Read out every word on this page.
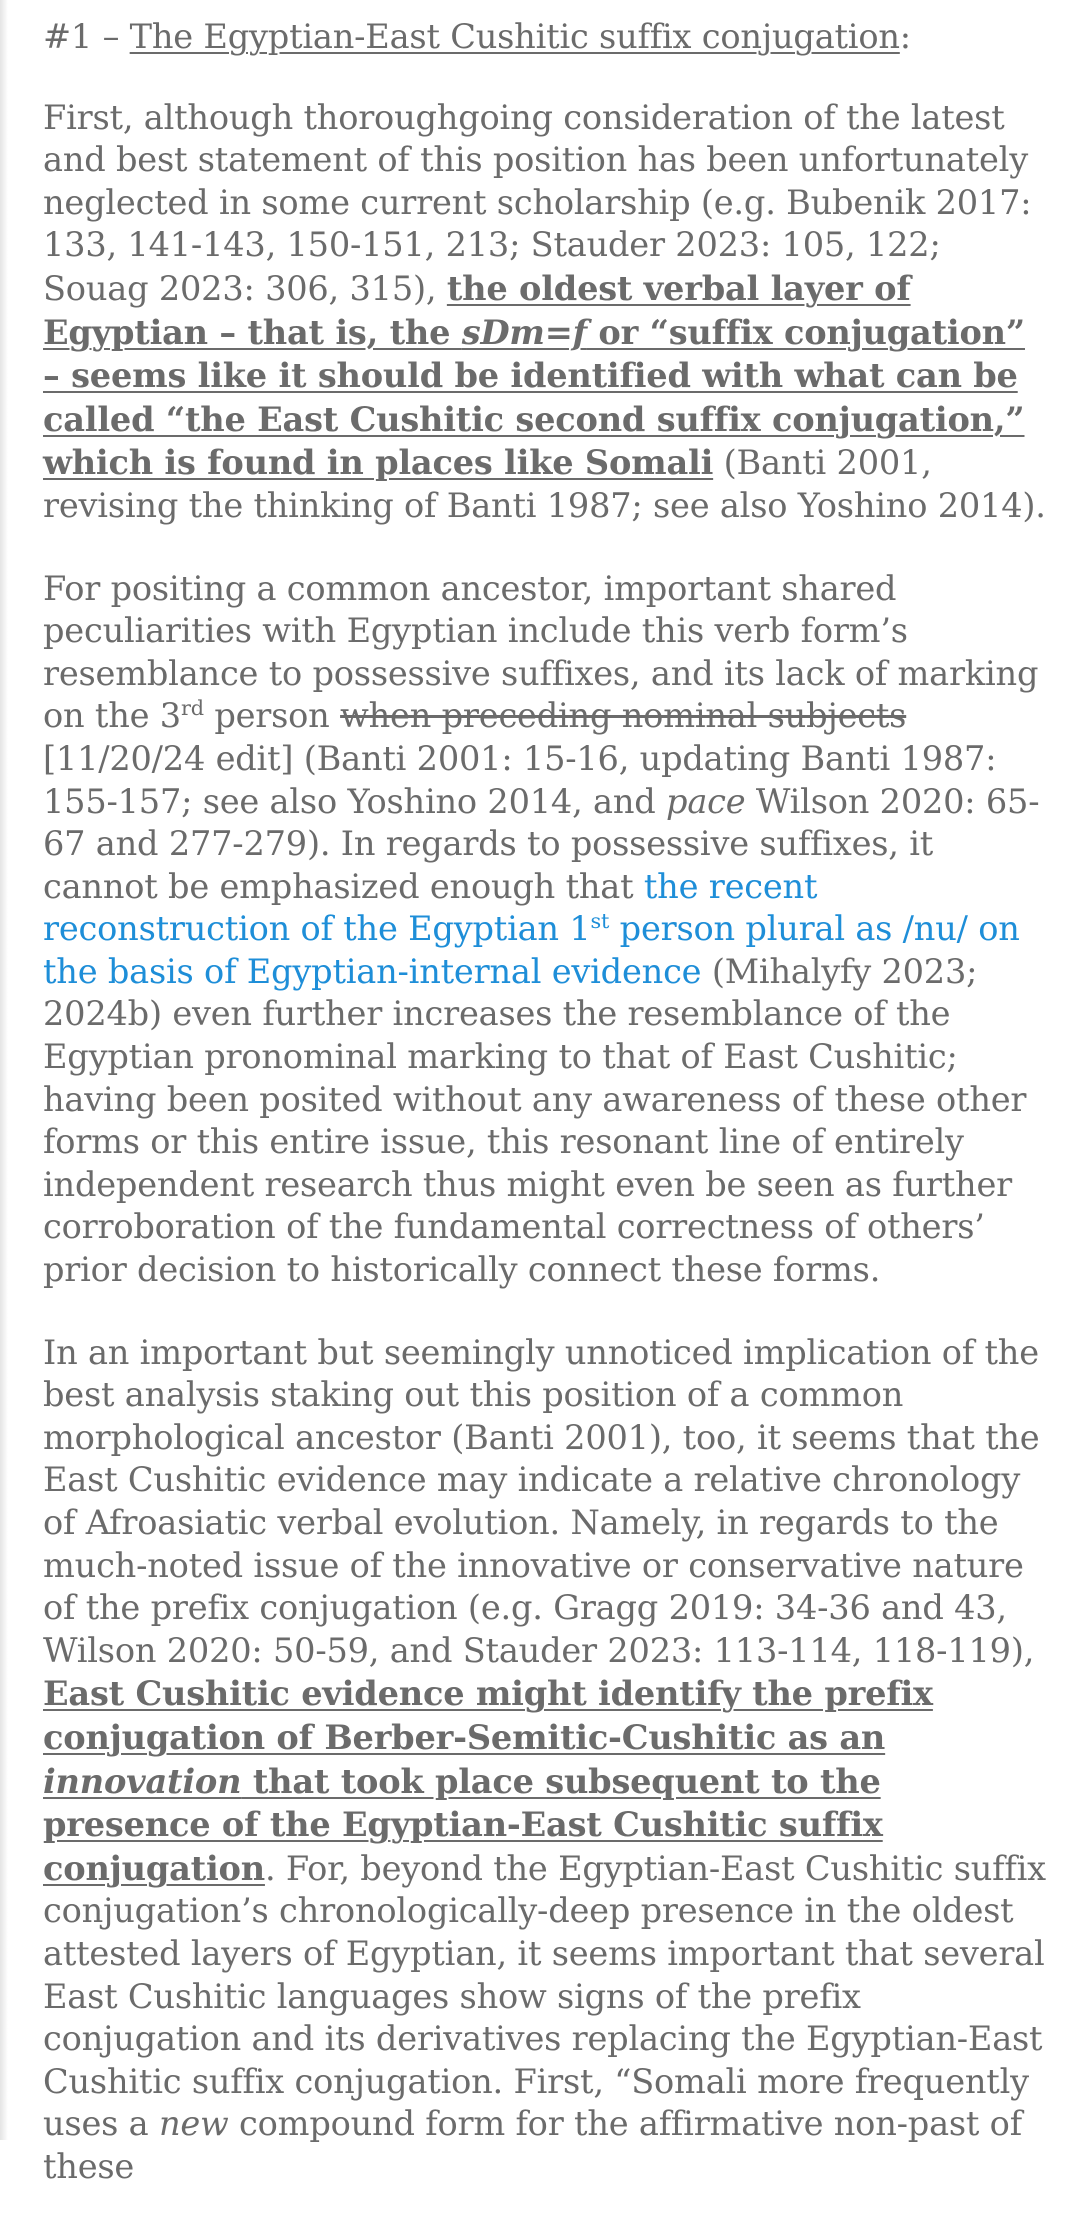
#1 – The Egyptian-East Cushitic suffix conjugation:

First, although thoroughgoing consideration of the latest and best statement of this position has been unfortunately neglected in some current scholarship (e.g. Bubenik 2017: 133, 141-143, 150-151, 213; Stauder 2023: 105, 122; Souag 2023: 306, 315), the oldest verbal layer of Egyptian – that is, the sDm=f or “suffix conjugation” – seems like it should be identified with what can be called “the East Cushitic second suffix conjugation,” which is found in places like Somali (Banti 2001, revising the thinking of Banti 1987; see also Yoshino 2014).

For positing a common ancestor, important shared peculiarities with Egyptian include this verb form’s resemblance to possessive suffixes, and its lack of marking on the 3rd person when preceding nominal subjects [11/20/24 edit] (Banti 2001: 15-16, updating Banti 1987: 155-157; see also Yoshino 2014, and pace Wilson 2020: 65-67 and 277-279). In regards to possessive suffixes, it cannot be emphasized enough that the recent reconstruction of the Egyptian 1st person plural as /nu/ on the basis of Egyptian-internal evidence (Mihalyfy 2023; 2024b) even further increases the resemblance of the Egyptian pronominal marking to that of East Cushitic; having been posited without any awareness of these other forms or this entire issue, this resonant line of entirely independent research thus might even be seen as further corroboration of the fundamental correctness of others’ prior decision to historically connect these forms.

In an important but seemingly unnoticed implication of the best analysis staking out this position of a common morphological ancestor (Banti 2001), too, it seems that the East Cushitic evidence may indicate a relative chronology of Afroasiatic verbal evolution. Namely, in regards to the much-noted issue of the innovative or conservative nature of the prefix conjugation (e.g. Gragg 2019: 34-36 and 43, Wilson 2020: 50-59, and Stauder 2023: 113-114, 118-119), East Cushitic evidence might identify the prefix conjugation of Berber-Semitic-Cushitic as an innovation that took place subsequent to the presence of the Egyptian-East Cushitic suffix conjugation. For, beyond the Egyptian-East Cushitic suffix conjugation’s chronologically-deep presence in the oldest attested layers of Egyptian, it seems important that several East Cushitic languages show signs of the prefix conjugation and its derivatives replacing the Egyptian-East Cushitic suffix conjugation. First, “Somali more frequently uses a new compound form for the affirmative non-past of these
